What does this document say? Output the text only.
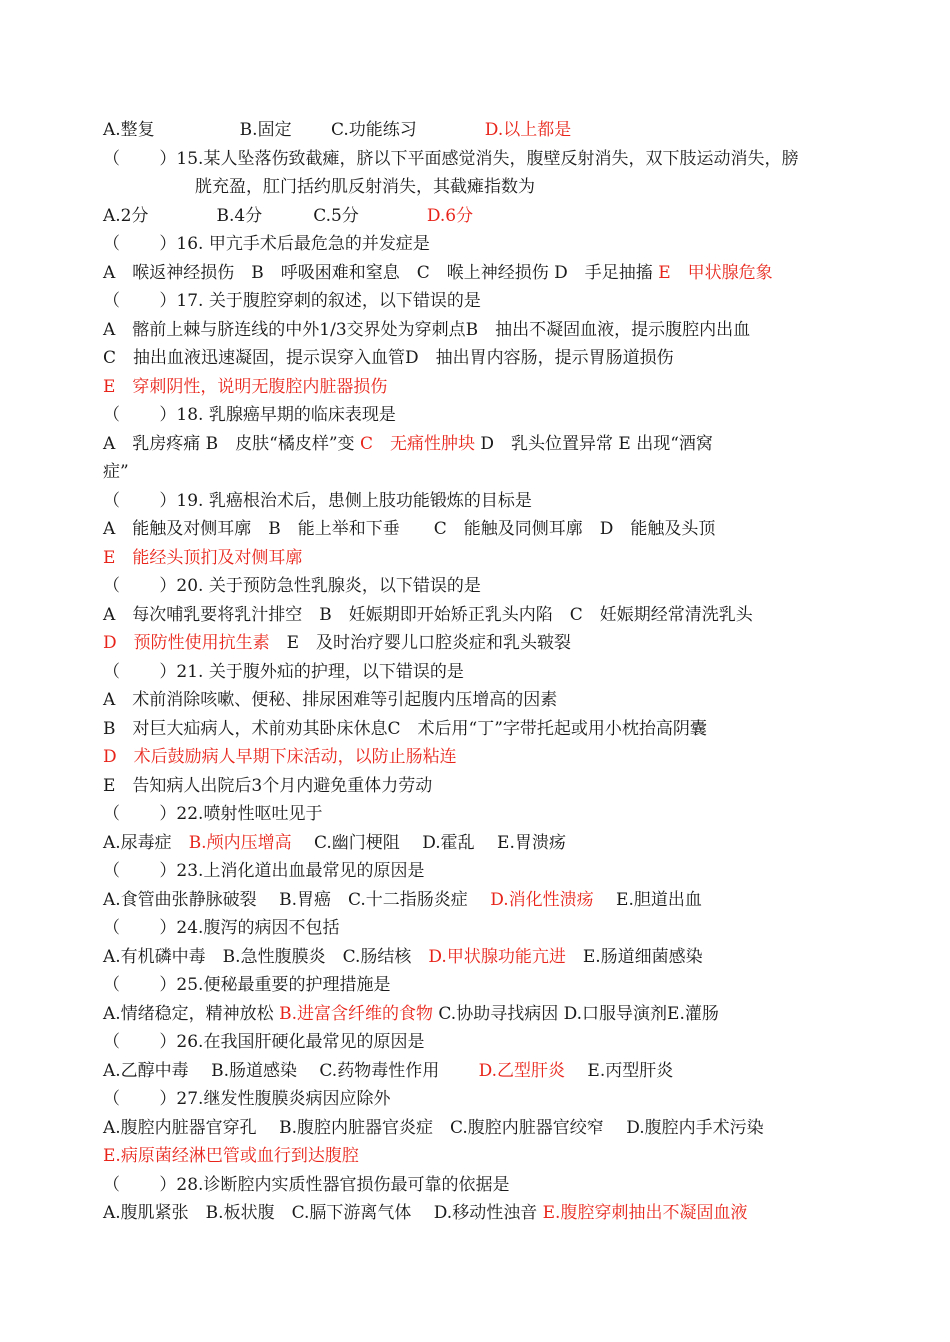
A.整复　　　　　B.固定　　 C.功能练习　　　　D.以上都是
（　　 ）15.某人坠落伤致截瘫，脐以下平面感觉消失，腹壁反射消失，双下肢运动消失，膀
胱充盈，肛门括约肌反射消失，其截瘫指数为
A.2分　　　　B.4分　　　C.5分　　　　D.6分
（　　 ）16. 甲亢手术后最危急的并发症是
A　喉返神经损伤　B　呼吸困难和窒息　C　喉上神经损伤 D　手足抽搐 E　甲状腺危象
（　　 ）17. 关于腹腔穿刺的叙述，以下错误的是
A　髂前上棘与脐连线的中外1/3交界处为穿刺点B　抽出不凝固血液，提示腹腔内出血
C　抽出血液迅速凝固，提示误穿入血管D　抽出胃内容肠，提示胃肠道损伤
E　穿刺阴性，说明无腹腔内脏器损伤
（　　 ）18. 乳腺癌早期的临床表现是
A　乳房疼痛 B　皮肤“橘皮样”变 C　无痛性肿块 D　乳头位置异常 E 出现“酒窝
症”
（　　 ）19. 乳癌根治术后，患侧上肢功能锻炼的目标是
A　能触及对侧耳廓　B　能上举和下垂　　C　能触及同侧耳廓　D　能触及头顶
E　能经头顶扪及对侧耳廓
（　　 ）20. 关于预防急性乳腺炎，以下错误的是
A　每次哺乳要将乳汁排空　B　妊娠期即开始矫正乳头内陷　C　妊娠期经常清洗乳头
D　预防性使用抗生素　E　及时治疗婴儿口腔炎症和乳头皲裂
（　　 ）21. 关于腹外疝的护理，以下错误的是
A　术前消除咳嗽、便秘、排尿困难等引起腹内压增高的因素
B　对巨大疝病人，术前劝其卧床休息C　术后用“丁”字带托起或用小枕抬高阴囊
D　术后鼓励病人早期下床活动，以防止肠粘连
E　告知病人出院后3个月内避免重体力劳动
（　　 ）22.喷射性呕吐见于
A.尿毒症　B.颅内压增高　 C.幽门梗阻　 D.霍乱　 E.胃溃疡
（　　 ）23.上消化道出血最常见的原因是
A.食管曲张静脉破裂　 B.胃癌　C.十二指肠炎症　 D.消化性溃疡　 E.胆道出血
（　　 ）24.腹泻的病因不包括
A.有机磷中毒　B.急性腹膜炎　C.肠结核　D.甲状腺功能亢进　E.肠道细菌感染
（　　 ）25.便秘最重要的护理措施是
A.情绪稳定，精神放松 B.进富含纤维的食物 C.协助寻找病因 D.口服导演剂E.灌肠
（　　 ）26.在我国肝硬化最常见的原因是
A.乙醇中毒　 B.肠道感染　 C.药物毒性作用　　 D.乙型肝炎　 E.丙型肝炎
（　　 ）27.继发性腹膜炎病因应除外
A.腹腔内脏器官穿孔　 B.腹腔内脏器官炎症　C.腹腔内脏器官绞窄　 D.腹腔内手术污染
E.病原菌经淋巴管或血行到达腹腔
（　　 ）28.诊断腔内实质性器官损伤最可靠的依据是
A.腹肌紧张　B.板状腹　C.膈下游离气体　 D.移动性浊音 E.腹腔穿刺抽出不凝固血液
